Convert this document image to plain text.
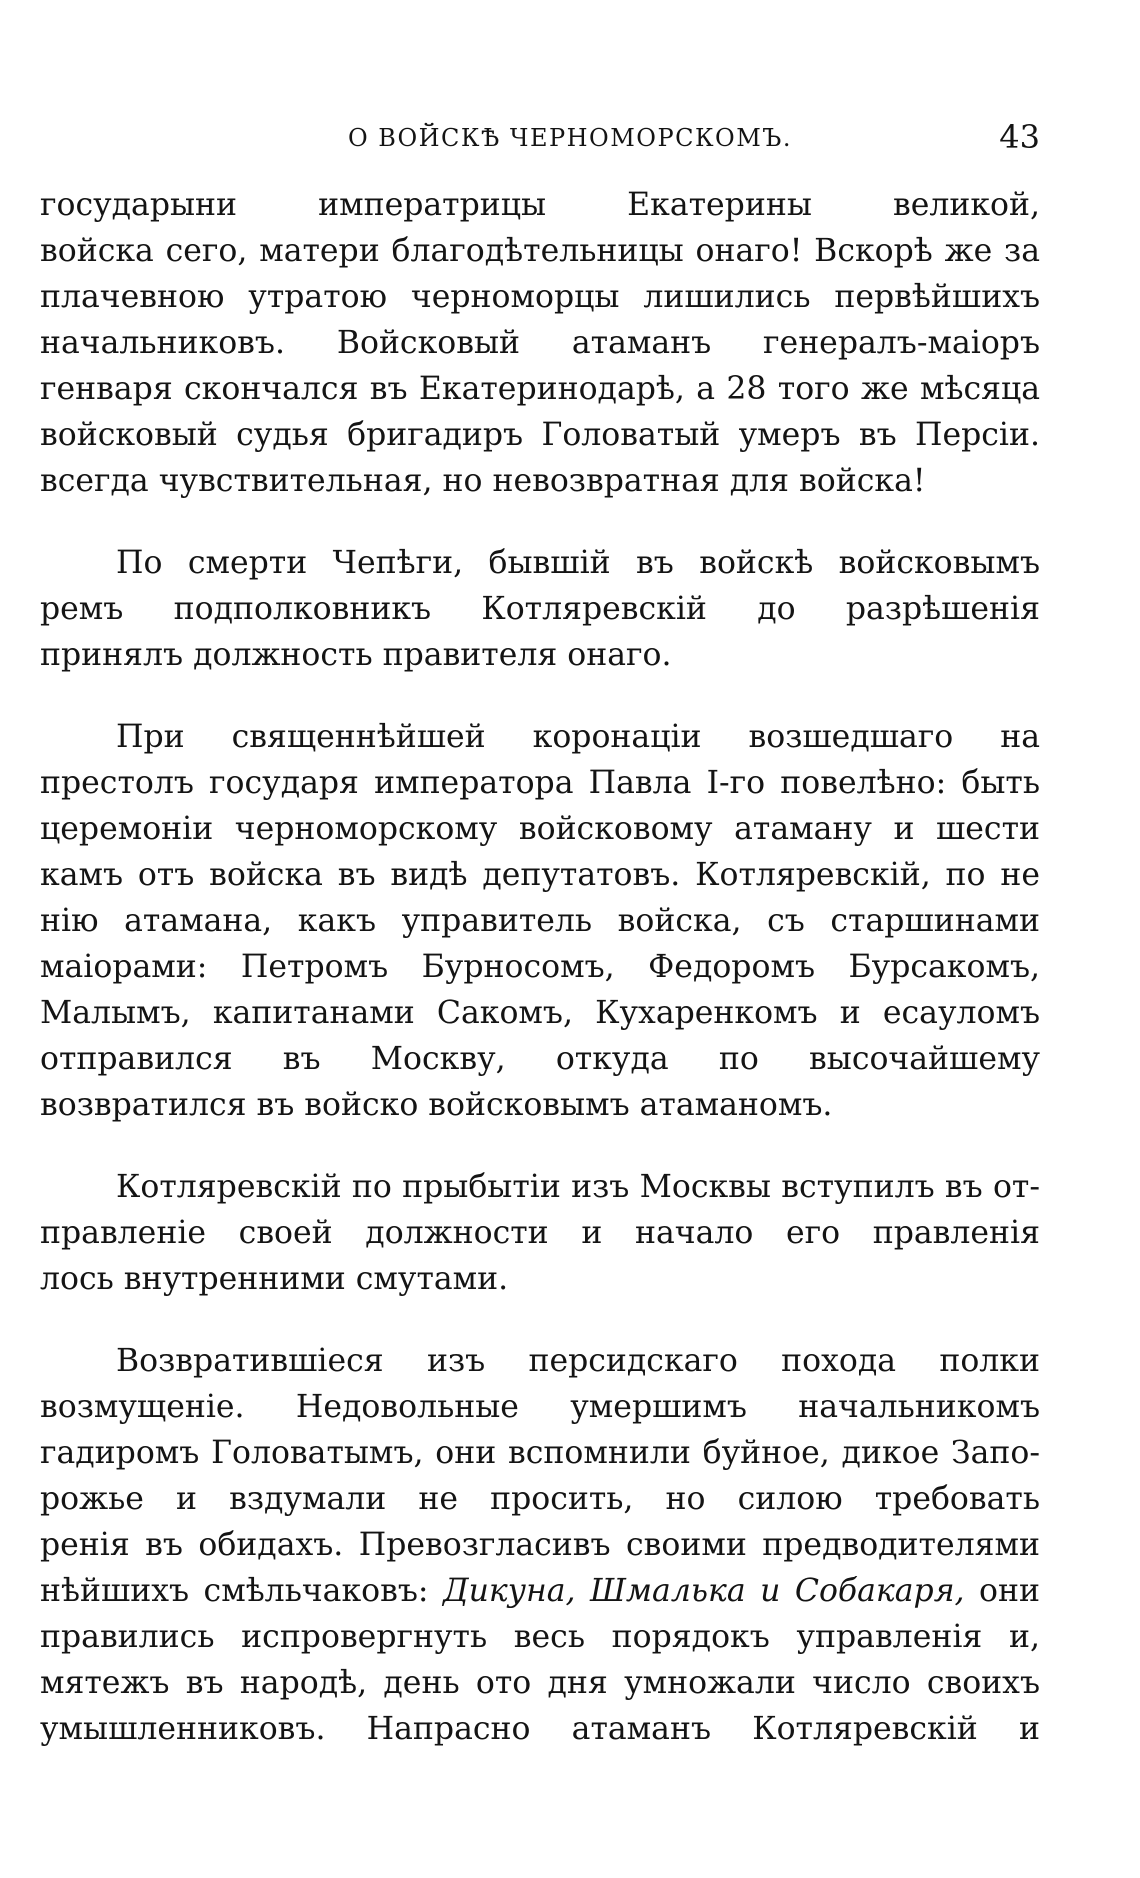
О ВОЙСКѢ ЧЕРНОМОРСКОМЪ.	43

государыни императрицы Екатерины великой,
войска сего, матери благодѣтельницы онаго! Вскорѣ же за
плачевною утратою черноморцы лишились первѣйшихъ
начальниковъ. Войсковый атаманъ генералъ-маіоръ
генваря скончался въ Екатеринодарѣ, а 28 того же мѣсяца
войсковый судья бригадиръ Головатый умеръ въ Персіи.
всегда чувствительная, но невозвратная для войска!

По смерти Чепѣги, бывшій въ войскѣ войсковымъ
ремъ подполковникъ Котляревскій до разрѣшенія
принялъ должность правителя онаго.

При священнѣйшей коронаціи возшедшаго на
престолъ государя императора Павла I-го повелѣно: быть
церемоніи черноморскому войсковому атаману и шести
камъ отъ войска въ видѣ депутатовъ. Котляревскій, по не
нію атамана, какъ управитель войска, съ старшинами
маіорами: Петромъ Бурносомъ, Федоромъ Бурсакомъ,
Малымъ, капитанами Сакомъ, Кухаренкомъ и есауломъ
отправился въ Москву, откуда по высочайшему
возвратился въ войско войсковымъ атаманомъ.

Котляревскій по прыбытіи изъ Москвы вступилъ въ от-
правленіе своей должности и начало его правленія
лось внутренними смутами.

Возвратившіеся изъ персидскаго похода полки
возмущеніе. Недовольные умершимъ начальникомъ
гадиромъ Головатымъ, они вспомнили буйное, дикое Запо-
рожье и вздумали не просить, но силою требовать
ренія въ обидахъ. Превозгласивъ своими предводителями
нѣйшихъ смѣльчаковъ: Дикуна, Шмалька и Собакаря, они
правились испровергнуть весь порядокъ управленія и,
мятежъ въ народѣ, день ото дня умножали число своихъ
умышленниковъ. Напрасно атаманъ Котляревскій и
